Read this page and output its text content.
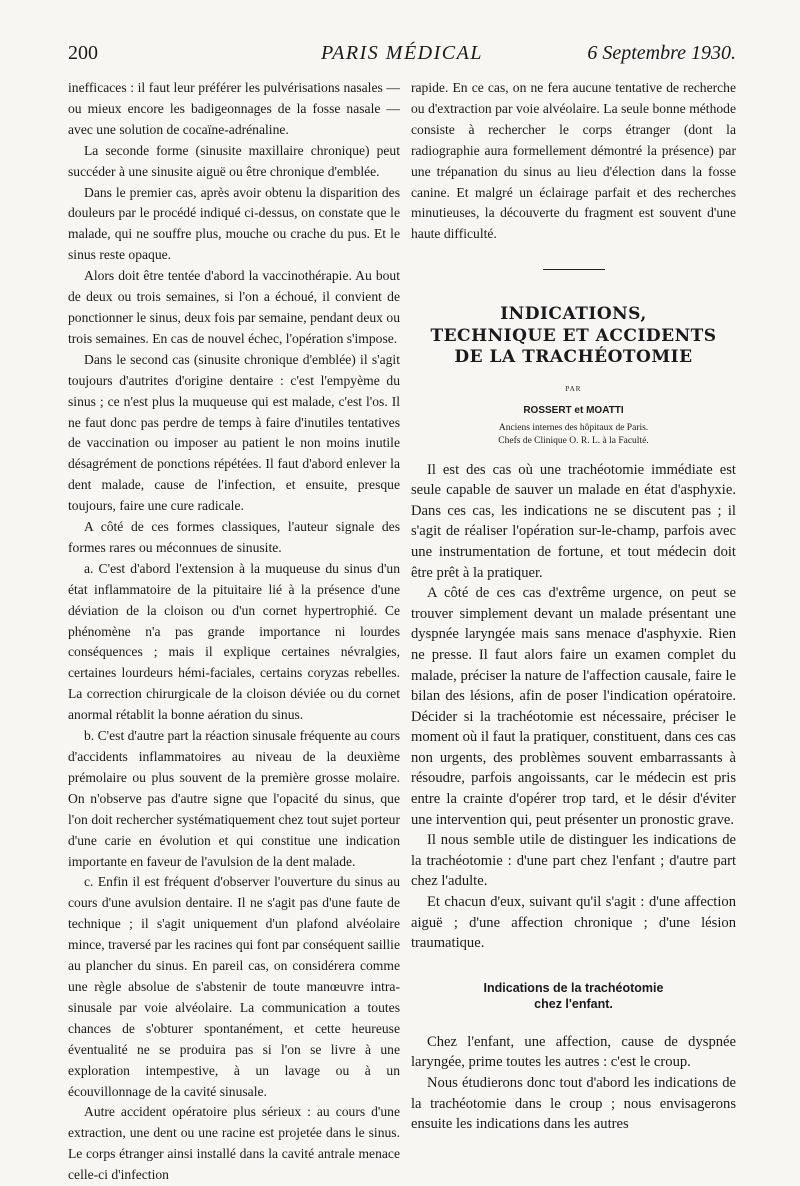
200	PARIS MÉDICAL	6 Septembre 1930.

inefficaces : il faut leur préférer les pulvérisations nasales — ou mieux encore les badigeonnages de la fosse nasale — avec une solution de cocaïne-adrénaline.

La seconde forme (sinusite maxillaire chronique) peut succéder à une sinusite aiguë ou être chronique d'emblée.

Dans le premier cas, après avoir obtenu la disparition des douleurs par le procédé indiqué ci-dessus, on constate que le malade, qui ne souffre plus, mouche ou crache du pus. Et le sinus reste opaque.

Alors doit être tentée d'abord la vaccinothérapie. Au bout de deux ou trois semaines, si l'on a échoué, il convient de ponctionner le sinus, deux fois par semaine, pendant deux ou trois semaines. En cas de nouvel échec, l'opération s'impose.

Dans le second cas (sinusite chronique d'emblée) il s'agit toujours d'autrites d'origine dentaire : c'est l'empyème du sinus ; ce n'est plus la muqueuse qui est malade, c'est l'os. Il ne faut donc pas perdre de temps à faire d'inutiles tentatives de vaccination ou imposer au patient le non moins inutile désagrément de ponctions répétées. Il faut d'abord enlever la dent malade, cause de l'infection, et ensuite, presque toujours, faire une cure radicale.

A côté de ces formes classiques, l'auteur signale des formes rares ou méconnues de sinusite.

a. C'est d'abord l'extension à la muqueuse du sinus d'un état inflammatoire de la pituitaire lié à la présence d'une déviation de la cloison ou d'un cornet hypertrophié. Ce phénomène n'a pas grande importance ni lourdes conséquences ; mais il explique certaines névralgies, certaines lourdeurs hémi-faciales, certains coryzas rebelles. La correction chirurgicale de la cloison déviée ou du cornet anormal rétablit la bonne aération du sinus.

b. C'est d'autre part la réaction sinusale fréquente au cours d'accidents inflammatoires au niveau de la deuxième prémolaire ou plus souvent de la première grosse molaire. On n'observe pas d'autre signe que l'opacité du sinus, que l'on doit rechercher systématiquement chez tout sujet porteur d'une carie en évolution et qui constitue une indication importante en faveur de l'avulsion de la dent malade.

c. Enfin il est fréquent d'observer l'ouverture du sinus au cours d'une avulsion dentaire. Il ne s'agit pas d'une faute de technique ; il s'agit uniquement d'un plafond alvéolaire mince, traversé par les racines qui font par conséquent saillie au plancher du sinus. En pareil cas, on considérera comme une règle absolue de s'abstenir de toute manœuvre intra-sinusale par voie alvéolaire. La communication a toutes chances de s'obturer spontanément, et cette heureuse éventualité ne se produira pas si l'on se livre à une exploration intempestive, à un lavage ou à un écouvillonnage de la cavité sinusale.

Autre accident opératoire plus sérieux : au cours d'une extraction, une dent ou une racine est projetée dans le sinus. Le corps étranger ainsi installé dans la cavité antrale menace celle-ci d'infection

rapide. En ce cas, on ne fera aucune tentative de recherche ou d'extraction par voie alvéolaire. La seule bonne méthode consiste à rechercher le corps étranger (dont la radiographie aura formellement démontré la présence) par une trépanation du sinus au lieu d'élection dans la fosse canine. Et malgré un éclairage parfait et des recherches minutieuses, la découverte du fragment est souvent d'une haute difficulté.

INDICATIONS,
TECHNIQUE ET ACCIDENTS
DE LA TRACHÉOTOMIE
PAR
ROSSERT et MOATTI
Anciens internes des hôpitaux de Paris.
Chefs de Clinique O. R. L. à la Faculté.

Il est des cas où une trachéotomie immédiate est seule capable de sauver un malade en état d'asphyxie. Dans ces cas, les indications ne se discutent pas ; il s'agit de réaliser l'opération sur-le-champ, parfois avec une instrumentation de fortune, et tout médecin doit être prêt à la pratiquer.

A côté de ces cas d'extrême urgence, on peut se trouver simplement devant un malade présentant une dyspnée laryngée mais sans menace d'asphyxie. Rien ne presse. Il faut alors faire un examen complet du malade, préciser la nature de l'affection causale, faire le bilan des lésions, afin de poser l'indication opératoire. Décider si la trachéotomie est nécessaire, préciser le moment où il faut la pratiquer, constituent, dans ces cas non urgents, des problèmes souvent embarrassants à résoudre, parfois angoissants, car le médecin est pris entre la crainte d'opérer trop tard, et le désir d'éviter une intervention qui, peut présenter un pronostic grave.

Il nous semble utile de distinguer les indications de la trachéotomie : d'une part chez l'enfant ; d'autre part chez l'adulte.

Et chacun d'eux, suivant qu'il s'agit : d'une affection aiguë ; d'une affection chronique ; d'une lésion traumatique.

Indications de la trachéotomie
chez l'enfant.

Chez l'enfant, une affection, cause de dyspnée laryngée, prime toutes les autres : c'est le croup.

Nous étudierons donc tout d'abord les indications de la trachéotomie dans le croup ; nous envisagerons ensuite les indications dans les autres
